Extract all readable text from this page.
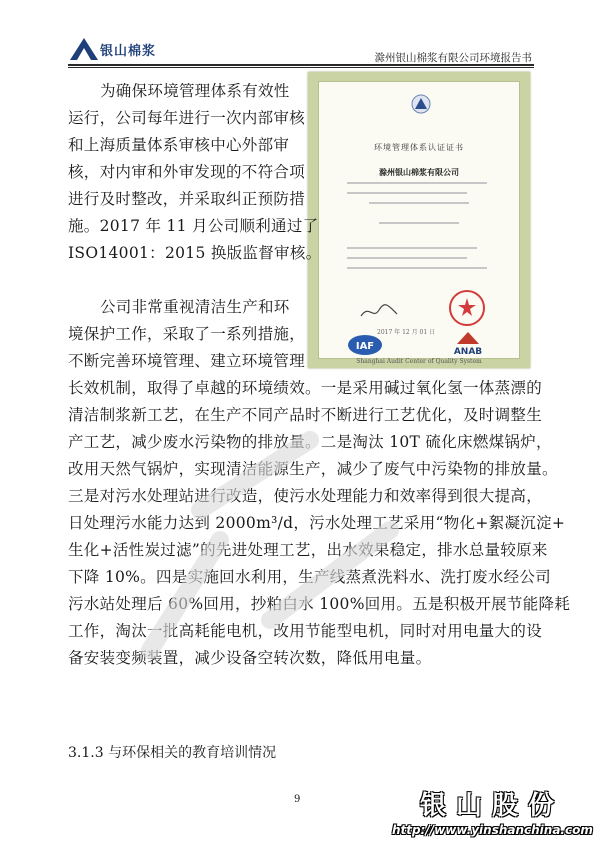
银山棉浆	滁州银山棉浆有限公司环境报告书
环境管理体系认证证书
滁州银山棉浆有限公司
2017 年 12 月 01 日
IAF	ANAB
Shanghai Audit Center of Quality System
为确保环境管理体系有效性
运行，公司每年进行一次内部审核
和上海质量体系审核中心外部审
核，对内审和外审发现的不符合项
进行及时整改，并采取纠正预防措
施。2017 年 11 月公司顺利通过了
ISO14001：2015 换版监督审核。
公司非常重视清洁生产和环
境保护工作，采取了一系列措施，
不断完善环境管理、建立环境管理
长效机制，取得了卓越的环境绩效。一是采用碱过氧化氢一体蒸漂的
清洁制浆新工艺，在生产不同产品时不断进行工艺优化，及时调整生
产工艺，减少废水污染物的排放量。二是淘汰 10T 硫化床燃煤锅炉，
改用天然气锅炉，实现清洁能源生产，减少了废气中污染物的排放量。
三是对污水处理站进行改造，使污水处理能力和效率得到很大提高，
日处理污水能力达到 2000m³/d，污水处理工艺采用“物化+絮凝沉淀+
生化+活性炭过滤”的先进处理工艺，出水效果稳定，排水总量较原来
下降 10%。四是实施回水利用，生产线蒸煮洗料水、洗打废水经公司
污水站处理后 60%回用，抄粕白水 100%回用。五是积极开展节能降耗
工作，淘汰一批高耗能电机，改用节能型电机，同时对用电量大的设
备安装变频装置，减少设备空转次数，降低用电量。
3.1.3 与环保相关的教育培训情况
9	银山股份
http://www.yinshanchina.com
